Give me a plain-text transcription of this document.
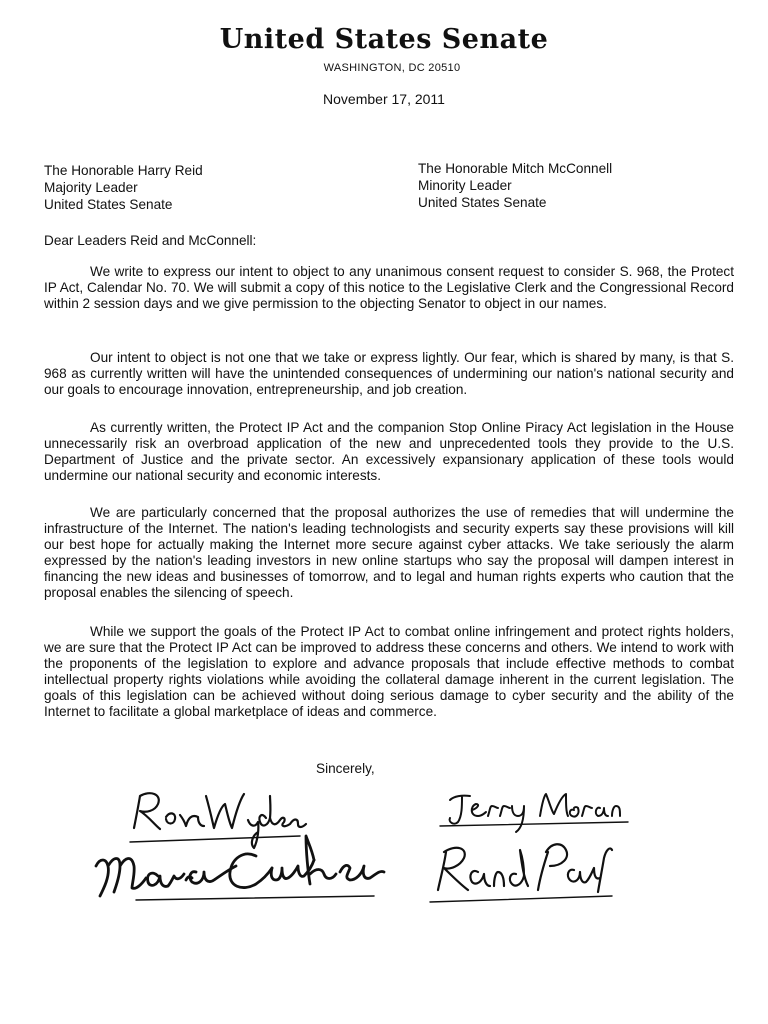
United States Senate
WASHINGTON, DC 20510
November 17, 2011
The Honorable Harry Reid
Majority Leader
United States Senate
The Honorable Mitch McConnell
Minority Leader
United States Senate
Dear Leaders Reid and McConnell:

We write to express our intent to object to any unanimous consent request to consider S. 968, the Protect IP Act, Calendar No. 70. We will submit a copy of this notice to the Legislative Clerk and the Congressional Record within 2 session days and we give permission to the objecting Senator to object in our names.

Our intent to object is not one that we take or express lightly. Our fear, which is shared by many, is that S. 968 as currently written will have the unintended consequences of undermining our nation's national security and our goals to encourage innovation, entrepreneurship, and job creation.

As currently written, the Protect IP Act and the companion Stop Online Piracy Act legislation in the House unnecessarily risk an overbroad application of the new and unprecedented tools they provide to the U.S. Department of Justice and the private sector. An excessively expansionary application of these tools would undermine our national security and economic interests.

We are particularly concerned that the proposal authorizes the use of remedies that will undermine the infrastructure of the Internet. The nation's leading technologists and security experts say these provisions will kill our best hope for actually making the Internet more secure against cyber attacks. We take seriously the alarm expressed by the nation's leading investors in new online startups who say the proposal will dampen interest in financing the new ideas and businesses of tomorrow, and to legal and human rights experts who caution that the proposal enables the silencing of speech.

While we support the goals of the Protect IP Act to combat online infringement and protect rights holders, we are sure that the Protect IP Act can be improved to address these concerns and others. We intend to work with the proponents of the legislation to explore and advance proposals that include effective methods to combat intellectual property rights violations while avoiding the collateral damage inherent in the current legislation. The goals of this legislation can be achieved without doing serious damage to cyber security and the ability of the Internet to facilitate a global marketplace of ideas and commerce.

Sincerely,
